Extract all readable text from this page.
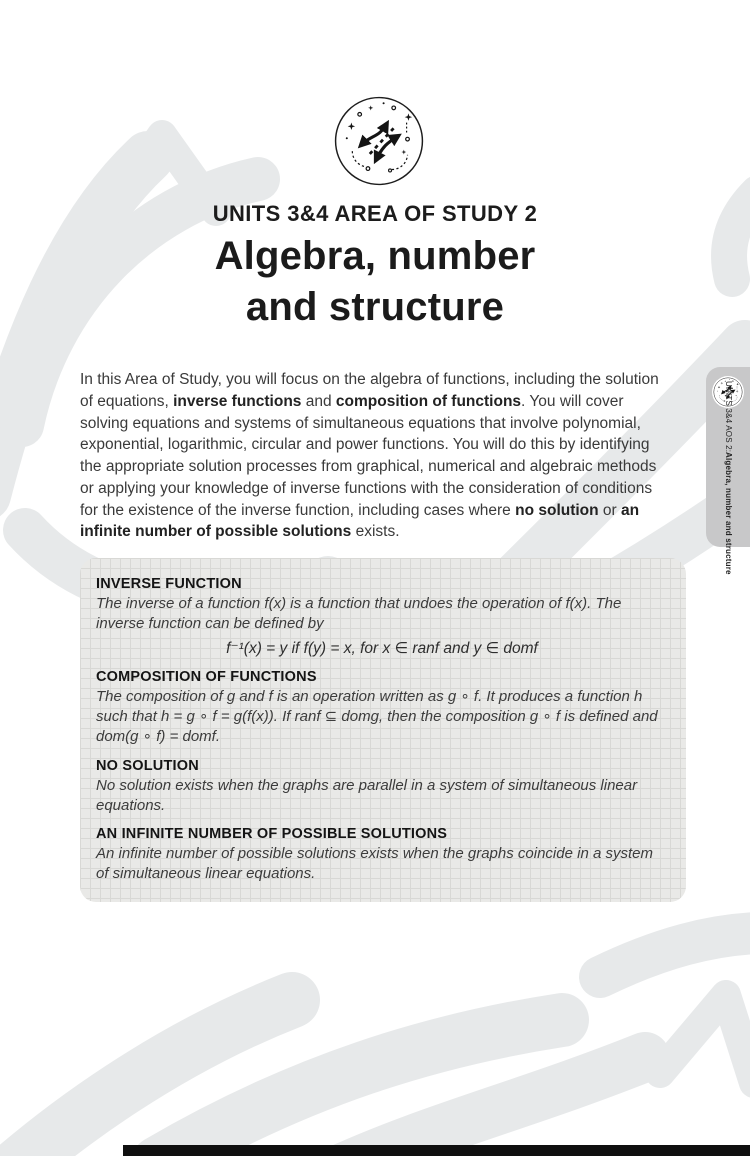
UNITS 3&4 AREA OF STUDY 2
Algebra, number
and structure

In this Area of Study, you will focus on the algebra of functions, including the solution of equations, inverse functions and composition of functions. You will cover solving equations and systems of simultaneous equations that involve polynomial, exponential, logarithmic, circular and power functions. You will do this by identifying the appropriate solution processes from graphical, numerical and algebraic methods or applying your knowledge of inverse functions with the consideration of conditions for the existence of the inverse function, including cases where no solution or an infinite number of possible solutions exists.

INVERSE FUNCTION

The inverse of a function f(x) is a function that undoes the operation of f(x). The inverse function can be defined by

f⁻¹(x) = y if f(y) = x, for x ∈ ranf and y ∈ domf

COMPOSITION OF FUNCTIONS

The composition of g and f is an operation written as g ∘ f. It produces a function h such that h = g ∘ f = g(f(x)). If ranf ⊆ domg, then the composition g ∘ f is defined and dom(g ∘ f) = domf.

NO SOLUTION

No solution exists when the graphs are parallel in a system of simultaneous linear equations.

AN INFINITE NUMBER OF POSSIBLE SOLUTIONS

An infinite number of possible solutions exists when the graphs coincide in a system of simultaneous linear equations.

UNITS 3&4 AOS 2:
Algebra, number and structure
